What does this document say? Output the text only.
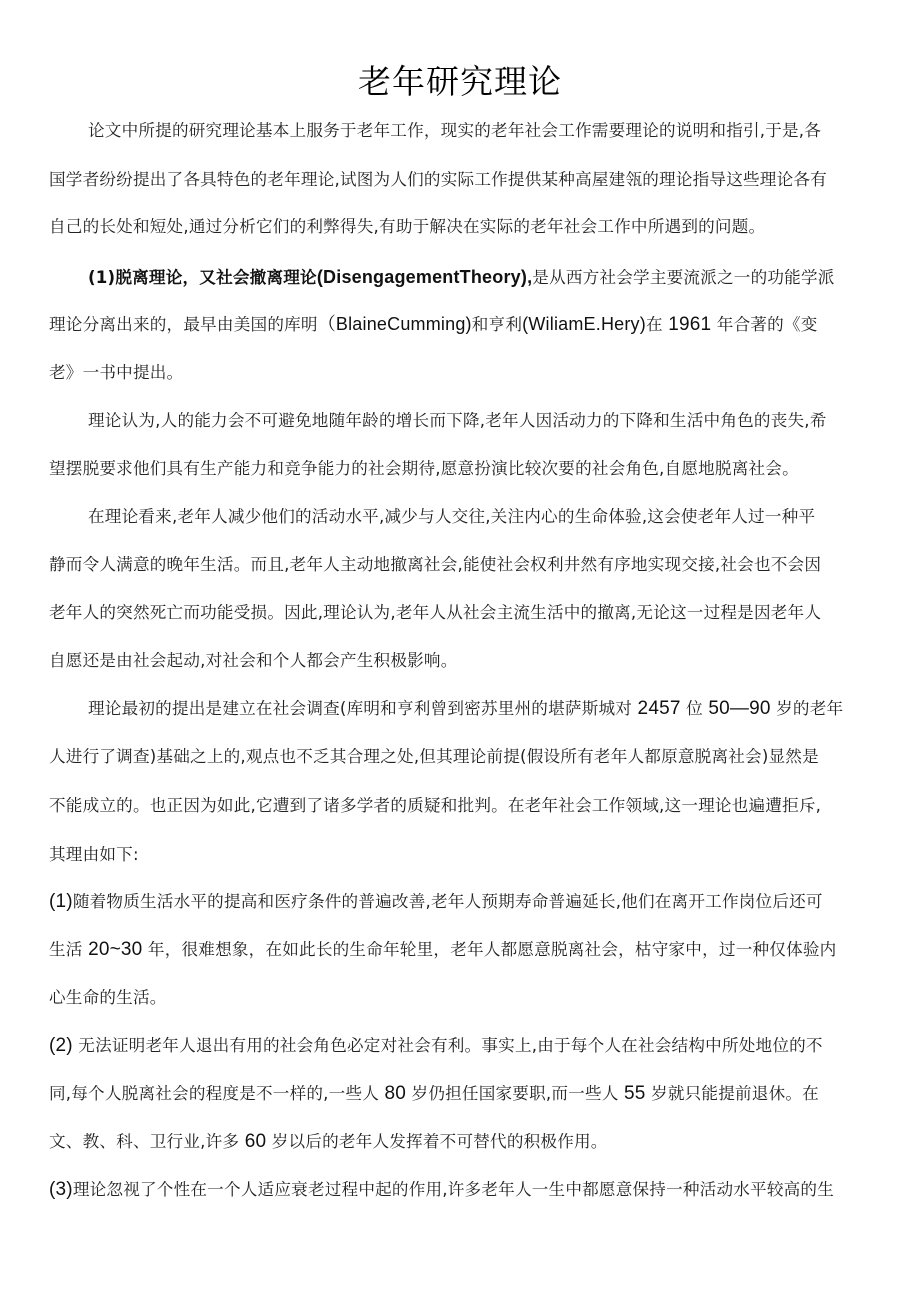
老年研究理论
论文中所提的研究理论基本上服务于老年工作，现实的老年社会工作需要理论的说明和指引,于是,各
国学者纷纷提出了各具特色的老年理论,试图为人们的实际工作提供某种高屋建瓴的理论指导这些理论各有
自己的长处和短处,通过分析它们的利弊得失,有助于解决在实际的老年社会工作中所遇到的问题。
(1)脱离理论，又社会撤离理论(DisengagementTheory),是从西方社会学主要流派之一的功能学派
理论分离出来的，最早由美国的库明（BlaineCumming)和亨利(WiliamE.Hery)在 1961 年合著的《变
老》一书中提出。
理论认为,人的能力会不可避免地随年龄的增长而下降,老年人因活动力的下降和生活中角色的丧失,希
望摆脱要求他们具有生产能力和竞争能力的社会期待,愿意扮演比较次要的社会角色,自愿地脱离社会。
在理论看来,老年人减少他们的活动水平,减少与人交往,关注内心的生命体验,这会使老年人过一种平
静而令人满意的晚年生活。而且,老年人主动地撤离社会,能使社会权利井然有序地实现交接,社会也不会因
老年人的突然死亡而功能受损。因此,理论认为,老年人从社会主流生活中的撤离,无论这一过程是因老年人
自愿还是由社会起动,对社会和个人都会产生积极影响。
理论最初的提出是建立在社会调查(库明和亨利曾到密苏里州的堪萨斯城对 2457 位 50—90 岁的老年
人进行了调查)基础之上的,观点也不乏其合理之处,但其理论前提(假设所有老年人都原意脱离社会)显然是
不能成立的。也正因为如此,它遭到了诸多学者的质疑和批判。在老年社会工作领域,这一理论也遍遭拒斥,
其理由如下:
(1)随着物质生活水平的提高和医疗条件的普遍改善,老年人预期寿命普遍延长,他们在离开工作岗位后还可
生活 20~30 年，很难想象，在如此长的生命年轮里，老年人都愿意脱离社会，枯守家中，过一种仅体验内
心生命的生活。
(2) 无法证明老年人退出有用的社会角色必定对社会有利。事实上,由于每个人在社会结构中所处地位的不
同,每个人脱离社会的程度是不一样的,一些人 80 岁仍担任国家要职,而一些人 55 岁就只能提前退休。在
文、教、科、卫行业,许多 60 岁以后的老年人发挥着不可替代的积极作用。
(3)理论忽视了个性在一个人适应衰老过程中起的作用,许多老年人一生中都愿意保持一种活动水平较高的生
